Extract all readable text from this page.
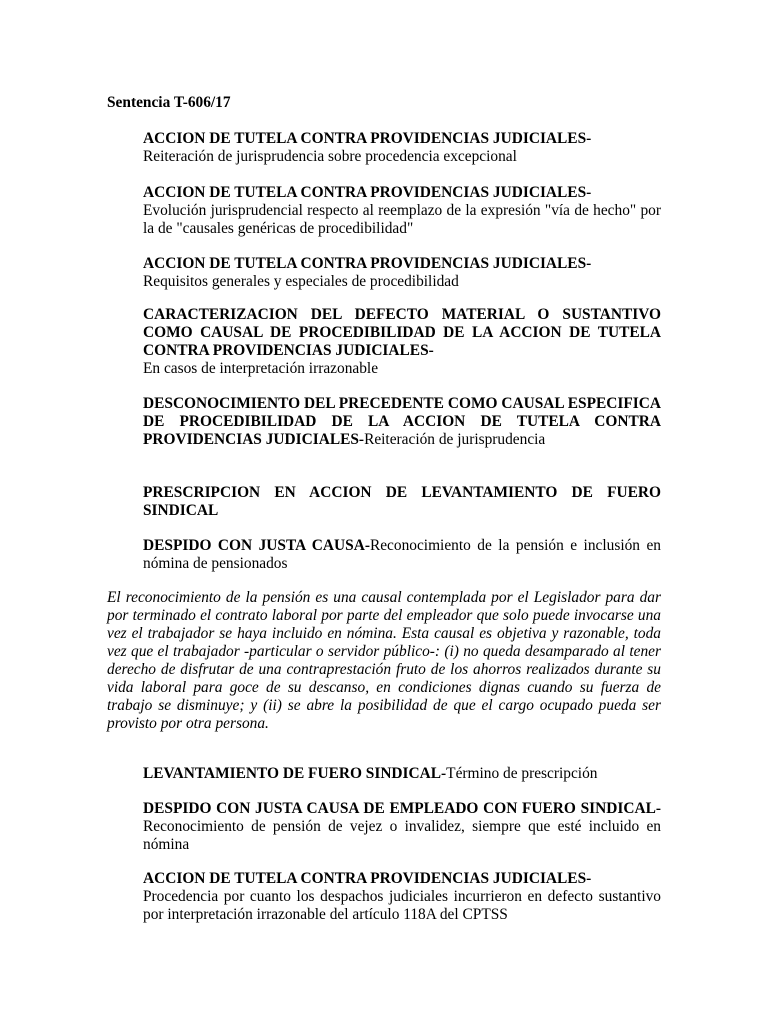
Sentencia T-606/17
ACCION DE TUTELA CONTRA PROVIDENCIAS JUDICIALES-
Reiteración de jurisprudencia sobre procedencia excepcional
ACCION DE TUTELA CONTRA PROVIDENCIAS JUDICIALES-
Evolución jurisprudencial respecto al reemplazo de la expresión "vía de hecho" por la de "causales genéricas de procedibilidad"
ACCION DE TUTELA CONTRA PROVIDENCIAS JUDICIALES-
Requisitos generales y especiales de procedibilidad
CARACTERIZACION DEL DEFECTO MATERIAL O SUSTANTIVO COMO CAUSAL DE PROCEDIBILIDAD DE LA ACCION DE TUTELA CONTRA PROVIDENCIAS JUDICIALES-
En casos de interpretación irrazonable
DESCONOCIMIENTO DEL PRECEDENTE COMO CAUSAL ESPECIFICA DE PROCEDIBILIDAD DE LA ACCION DE TUTELA CONTRA PROVIDENCIAS JUDICIALES-Reiteración de jurisprudencia
PRESCRIPCION EN ACCION DE LEVANTAMIENTO DE FUERO SINDICAL
DESPIDO CON JUSTA CAUSA-Reconocimiento de la pensión e inclusión en nómina de pensionados
El reconocimiento de la pensión es una causal contemplada por el Legislador para dar por terminado el contrato laboral por parte del empleador que solo puede invocarse una vez el trabajador se haya incluido en nómina. Esta causal es objetiva y razonable, toda vez que el trabajador -particular o servidor público-: (i) no queda desamparado al tener derecho de disfrutar de una contraprestación fruto de los ahorros realizados durante su vida laboral para goce de su descanso, en condiciones dignas cuando su fuerza de trabajo se disminuye; y (ii) se abre la posibilidad de que el cargo ocupado pueda ser provisto por otra persona.
LEVANTAMIENTO DE FUERO SINDICAL-Término de prescripción
DESPIDO CON JUSTA CAUSA DE EMPLEADO CON FUERO SINDICAL-Reconocimiento de pensión de vejez o invalidez, siempre que esté incluido en nómina
ACCION DE TUTELA CONTRA PROVIDENCIAS JUDICIALES-
Procedencia por cuanto los despachos judiciales incurrieron en defecto sustantivo por interpretación irrazonable del artículo 118A del CPTSS
